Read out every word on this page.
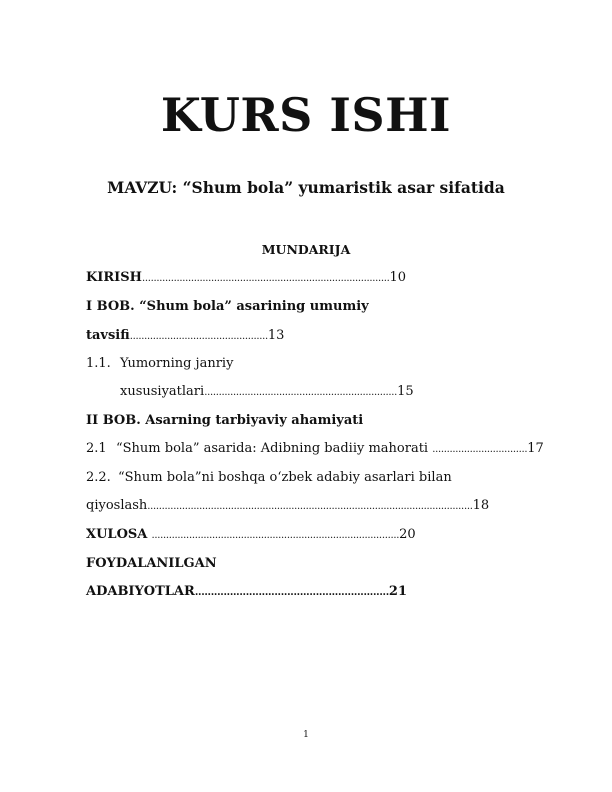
KURS ISHI
MAVZU: “Shum bola” yumaristik asar sifatida
MUNDARIJA
KIRISH......................................................................................10
I BOB. “Shum bola” asarining umumiy
tavsifi................................................13
1.1. Yumorning janriy
xususiyatlari...................................................................15
II BOB. Asarning tarbiyaviy ahamiyati
2.1 “Shum bola” asarida: Adibning badiiy mahorati .................................17
2.2. “Shum bola”ni boshqa o‘zbek adabiy asarlari bilan
qiyoslash.................................................................................................................18
XULOSA ......................................................................................20
FOYDALANILGAN
ADABIYOTLAR.............................................................21
1
